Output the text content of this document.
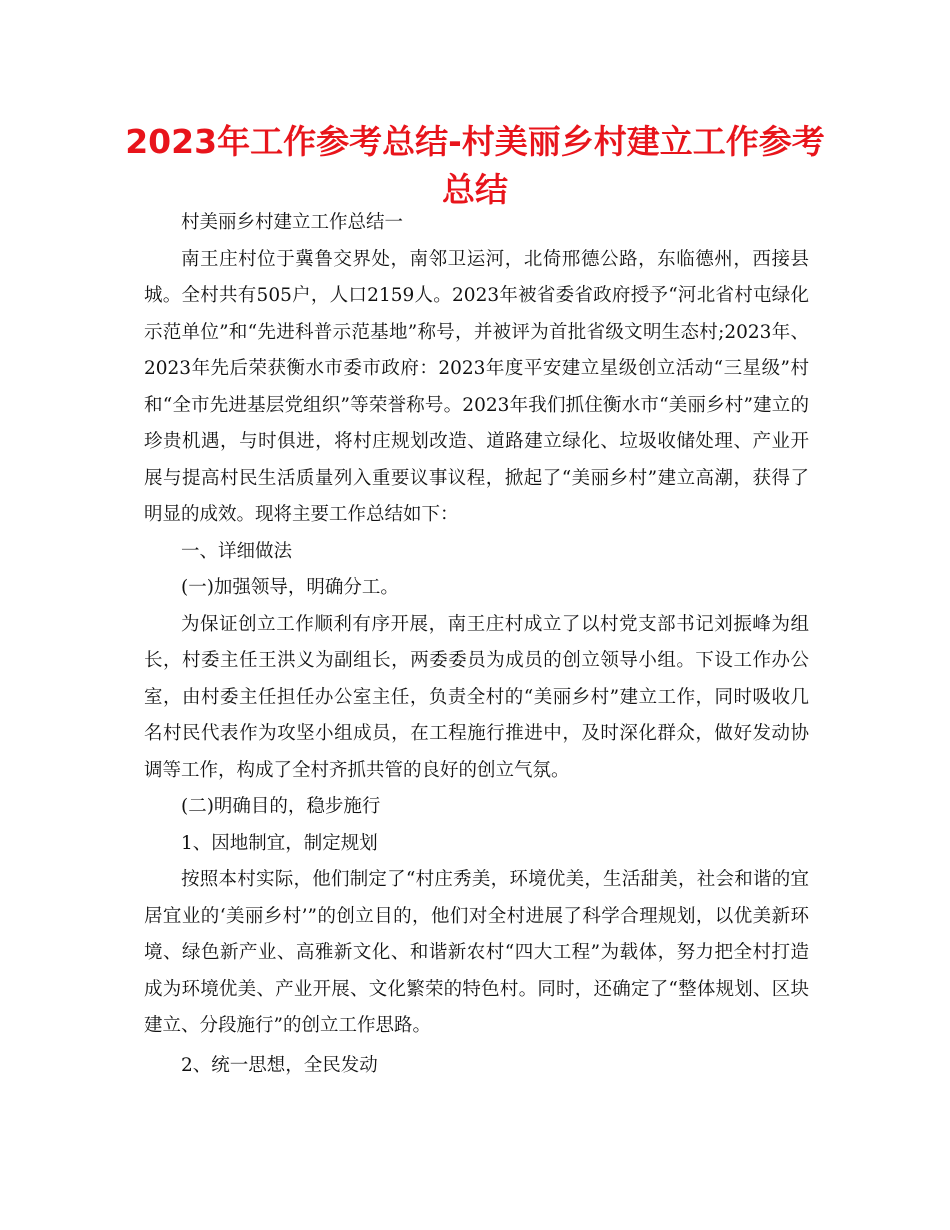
2023年工作参考总结-村美丽乡村建立工作参考总结

村美丽乡村建立工作总结一

南王庄村位于冀鲁交界处，南邻卫运河，北倚邢德公路，东临德州，西接县城。全村共有505户，人口2159人。2023年被省委省政府授予“河北省村屯绿化示范单位”和“先进科普示范基地”称号，并被评为首批省级文明生态村;2023年、2023年先后荣获衡水市委市政府：2023年度平安建立星级创立活动“三星级”村和“全市先进基层党组织”等荣誉称号。2023年我们抓住衡水市“美丽乡村”建立的珍贵机遇，与时俱进，将村庄规划改造、道路建立绿化、垃圾收储处理、产业开展与提高村民生活质量列入重要议事议程，掀起了“美丽乡村”建立高潮，获得了明显的成效。现将主要工作总结如下：

一、详细做法

(一)加强领导，明确分工。

为保证创立工作顺利有序开展，南王庄村成立了以村党支部书记刘振峰为组长，村委主任王洪义为副组长，两委委员为成员的创立领导小组。下设工作办公室，由村委主任担任办公室主任，负责全村的“美丽乡村”建立工作，同时吸收几名村民代表作为攻坚小组成员，在工程施行推进中，及时深化群众，做好发动协调等工作，构成了全村齐抓共管的良好的创立气氛。

(二)明确目的，稳步施行

1、因地制宜，制定规划

按照本村实际，他们制定了“村庄秀美，环境优美，生活甜美，社会和谐的宜居宜业的‘美丽乡村’”的创立目的，他们对全村进展了科学合理规划，以优美新环境、绿色新产业、高雅新文化、和谐新农村“四大工程”为载体，努力把全村打造成为环境优美、产业开展、文化繁荣的特色村。同时，还确定了“整体规划、区块建立、分段施行”的创立工作思路。

2、统一思想，全民发动
